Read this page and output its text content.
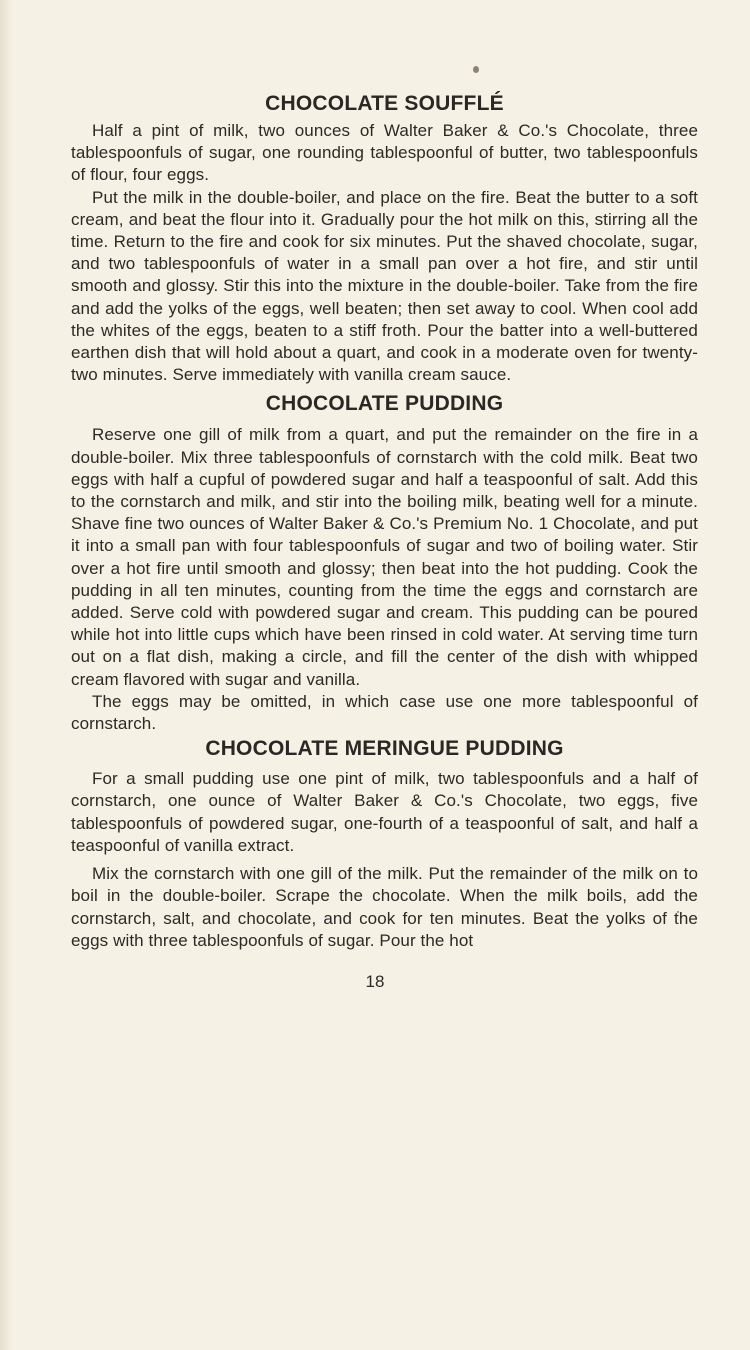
CHOCOLATE SOUFFLÉ

Half a pint of milk, two ounces of Walter Baker & Co.'s Chocolate, three tablespoonfuls of sugar, one rounding tablespoonful of butter, two tablespoonfuls of flour, four eggs.

Put the milk in the double-boiler, and place on the fire. Beat the butter to a soft cream, and beat the flour into it. Gradually pour the hot milk on this, stirring all the time. Return to the fire and cook for six minutes. Put the shaved chocolate, sugar, and two tablespoonfuls of water in a small pan over a hot fire, and stir until smooth and glossy. Stir this into the mixture in the double-boiler. Take from the fire and add the yolks of the eggs, well beaten; then set away to cool. When cool add the whites of the eggs, beaten to a stiff froth. Pour the batter into a well-buttered earthen dish that will hold about a quart, and cook in a moderate oven for twenty-two minutes. Serve immediately with vanilla cream sauce.

CHOCOLATE PUDDING

Reserve one gill of milk from a quart, and put the remainder on the fire in a double-boiler. Mix three tablespoonfuls of cornstarch with the cold milk. Beat two eggs with half a cupful of powdered sugar and half a teaspoonful of salt. Add this to the cornstarch and milk, and stir into the boiling milk, beating well for a minute. Shave fine two ounces of Walter Baker & Co.'s Premium No. 1 Chocolate, and put it into a small pan with four tablespoonfuls of sugar and two of boiling water. Stir over a hot fire until smooth and glossy; then beat into the hot pudding. Cook the pudding in all ten minutes, counting from the time the eggs and cornstarch are added. Serve cold with powdered sugar and cream. This pudding can be poured while hot into little cups which have been rinsed in cold water. At serving time turn out on a flat dish, making a circle, and fill the center of the dish with whipped cream flavored with sugar and vanilla.

The eggs may be omitted, in which case use one more tablespoonful of cornstarch.

CHOCOLATE MERINGUE PUDDING

For a small pudding use one pint of milk, two tablespoonfuls and a half of cornstarch, one ounce of Walter Baker & Co.'s Chocolate, two eggs, five tablespoonfuls of powdered sugar, one-fourth of a teaspoonful of salt, and half a teaspoonful of vanilla extract.

Mix the cornstarch with one gill of the milk. Put the remainder of the milk on to boil in the double-boiler. Scrape the chocolate. When the milk boils, add the cornstarch, salt, and chocolate, and cook for ten minutes. Beat the yolks of the eggs with three tablespoonfuls of sugar. Pour the hot

18
